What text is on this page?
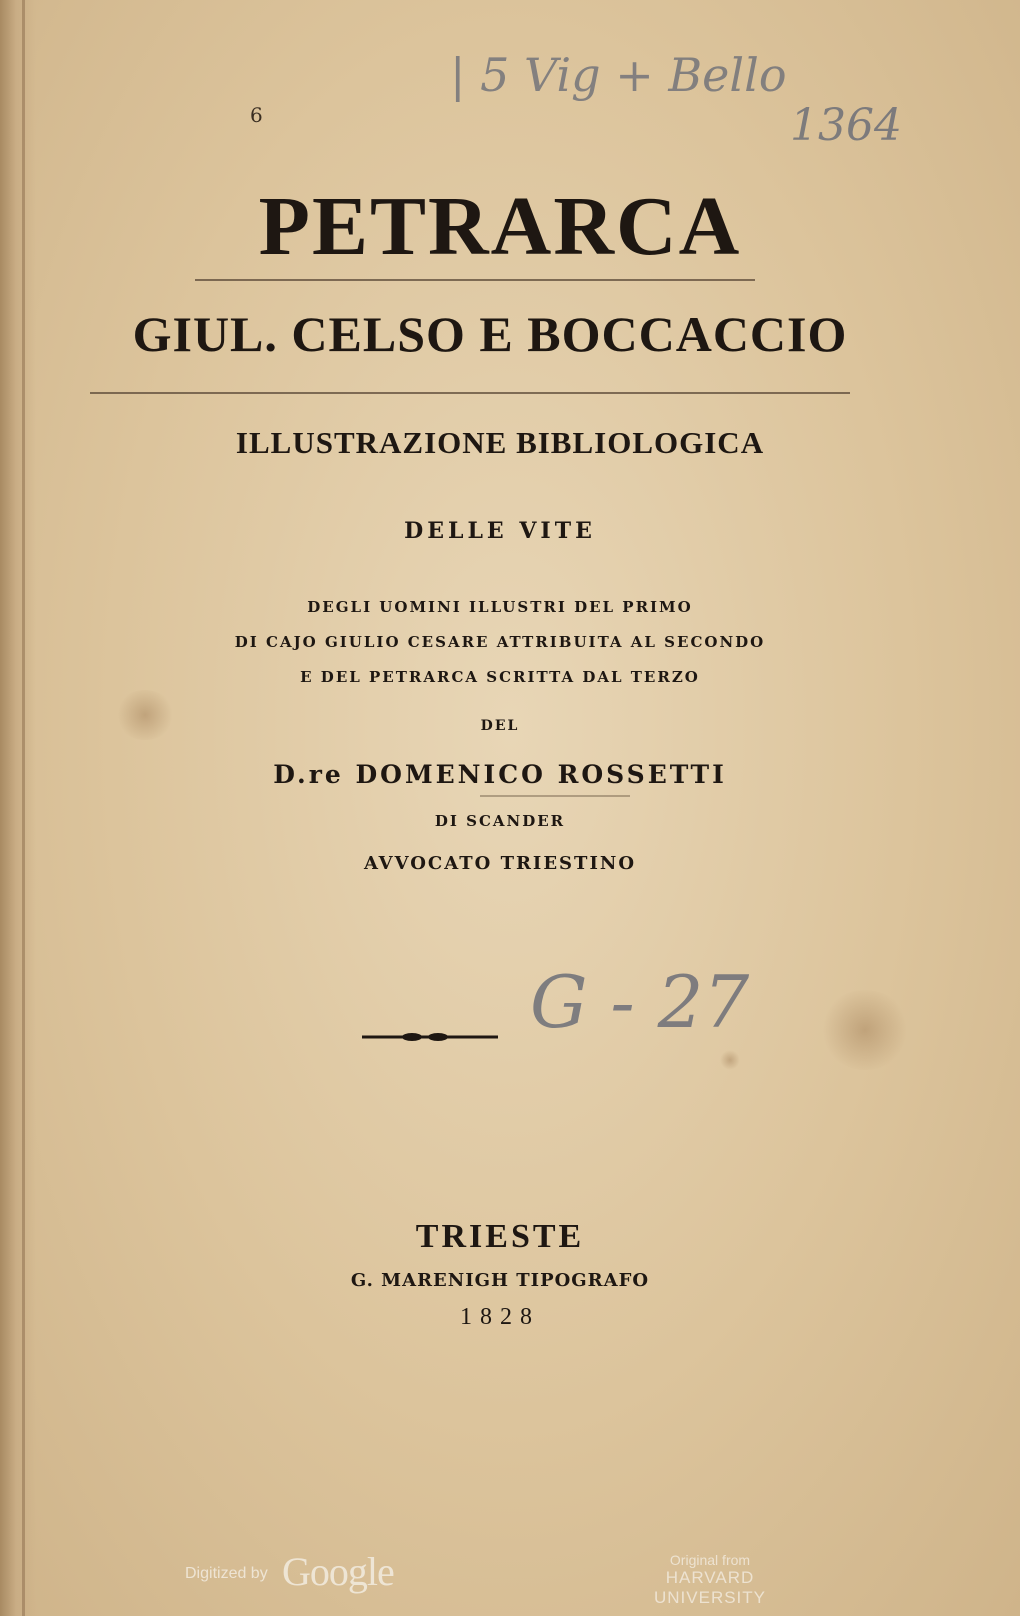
| 5 Vig + Bello
1364
6
G - 27
PETRARCA
GIUL. CELSO E BOCCACCIO
ILLUSTRAZIONE BIBLIOLOGICA
DELLE VITE
DEGLI UOMINI ILLUSTRI DEL PRIMO
DI CAJO GIULIO CESARE ATTRIBUITA AL SECONDO
E DEL PETRARCA SCRITTA DAL TERZO
DEL
D.re DOMENICO ROSSETTI
DI SCANDER
AVVOCATO TRIESTINO
TRIESTE
G. MARENIGH TIPOGRAFO
1828
Digitized by Google	Original from
HARVARD UNIVERSITY
